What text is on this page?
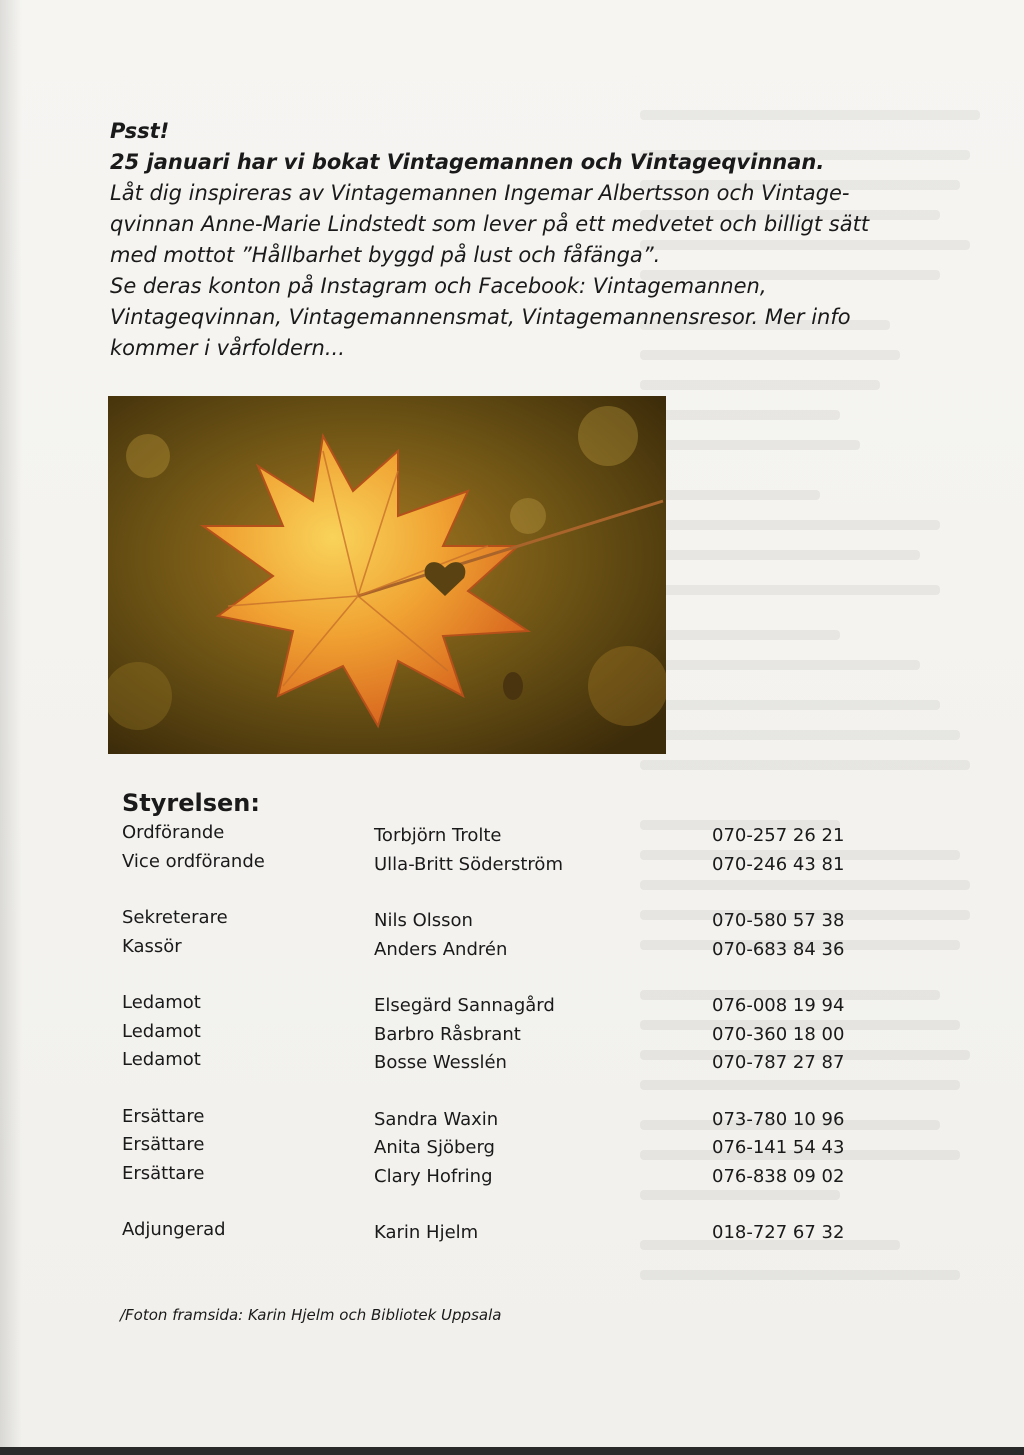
Psst!

25 januari har vi bokat Vintagemannen och Vintageqvinnan.

Låt dig inspireras av Vintagemannen Ingemar Albertsson och Vintage-

qvinnan Anne-Marie Lindstedt som lever på ett medvetet och billigt sätt

med mottot ”Hållbarhet byggd på lust och fåfänga”.

Se deras konton på Instagram och Facebook: Vintagemannen,

Vintageqvinnan, Vintagemannensmat, Vintagemannensresor. Mer info

kommer i vårfoldern...

Styrelsen:
Ordförande	Torbjörn Trolte	070-257 26 21
Vice ordförande	Ulla-Britt Söderström	070-246 43 81
Sekreterare	Nils Olsson	070-580 57 38
Kassör	Anders Andrén	070-683 84 36
Ledamot	Elsegärd Sannagård	076-008 19 94
Ledamot	Barbro Råsbrant	070-360 18 00
Ledamot	Bosse Wesslén	070-787 27 87
Ersättare	Sandra Waxin	073-780 10 96
Ersättare	Anita Sjöberg	076-141 54 43
Ersättare	Clary Hofring	076-838 09 02
Adjungerad	Karin Hjelm	018-727 67 32
/Foton framsida: Karin Hjelm och Bibliotek Uppsala
